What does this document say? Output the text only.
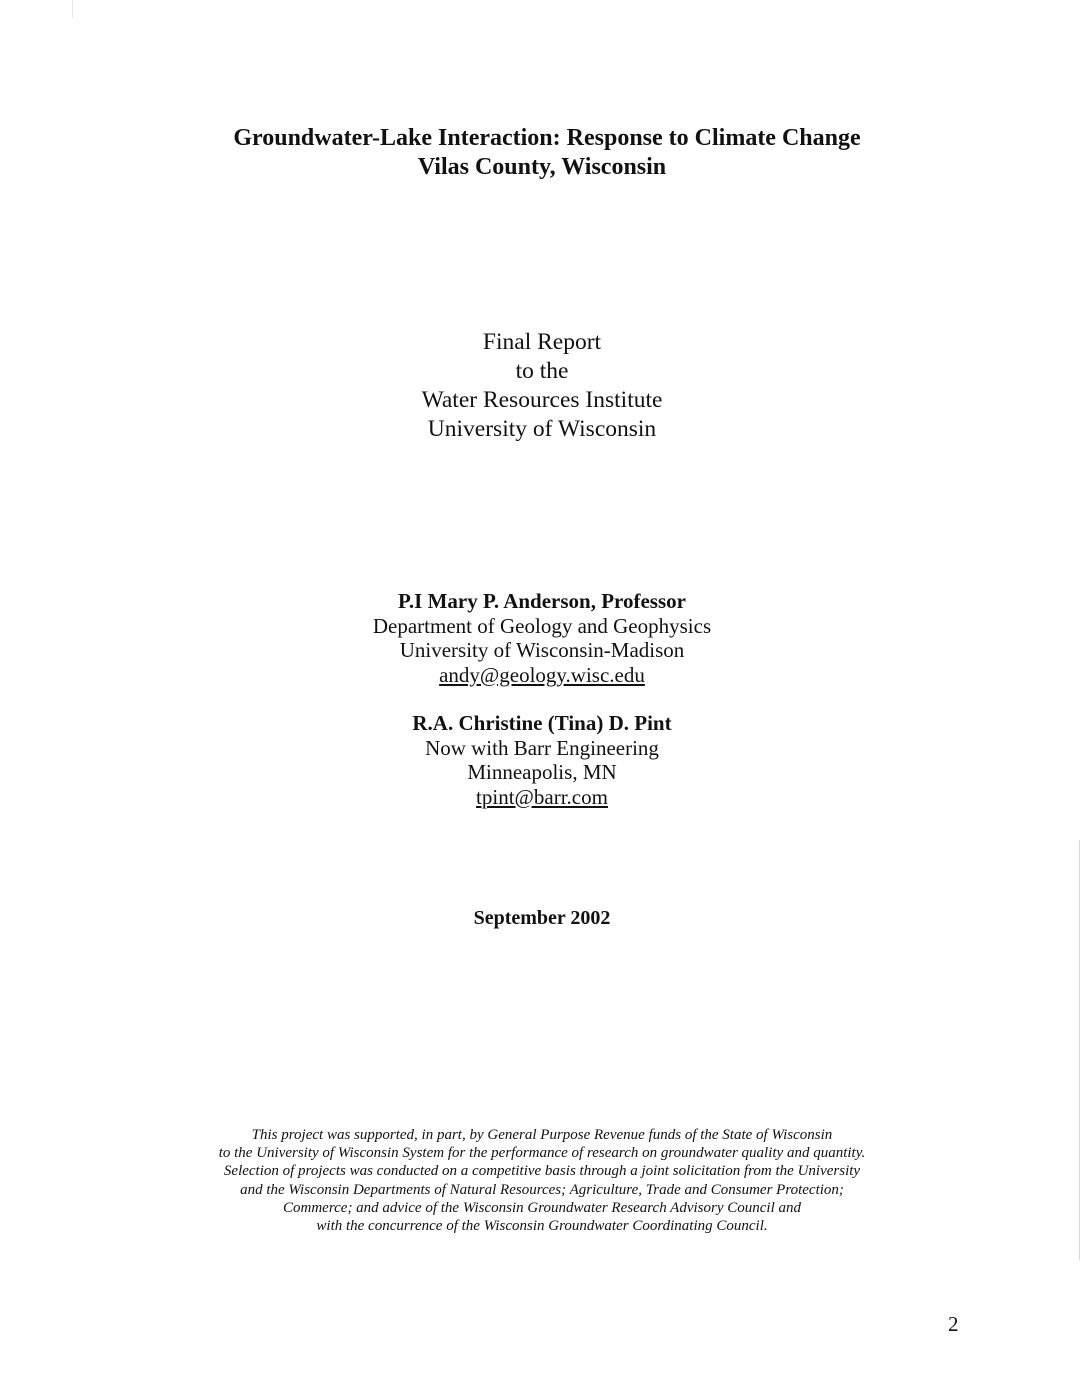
Groundwater-Lake Interaction: Response to Climate Change
Vilas County, Wisconsin
Final Report
to the
Water Resources Institute
University of Wisconsin
P.I Mary P. Anderson, Professor
Department of Geology and Geophysics
University of Wisconsin-Madison
andy@geology.wisc.edu
R.A. Christine (Tina) D. Pint
Now with Barr Engineering
Minneapolis, MN
tpint@barr.com
September 2002
This project was supported, in part, by General Purpose Revenue funds of the State of Wisconsin
to the University of Wisconsin System for the performance of research on groundwater quality and quantity.
Selection of projects was conducted on a competitive basis through a joint solicitation from the University
and the Wisconsin Departments of Natural Resources; Agriculture, Trade and Consumer Protection;
Commerce; and advice of the Wisconsin Groundwater Research Advisory Council and
with the concurrence of the Wisconsin Groundwater Coordinating Council.
2
